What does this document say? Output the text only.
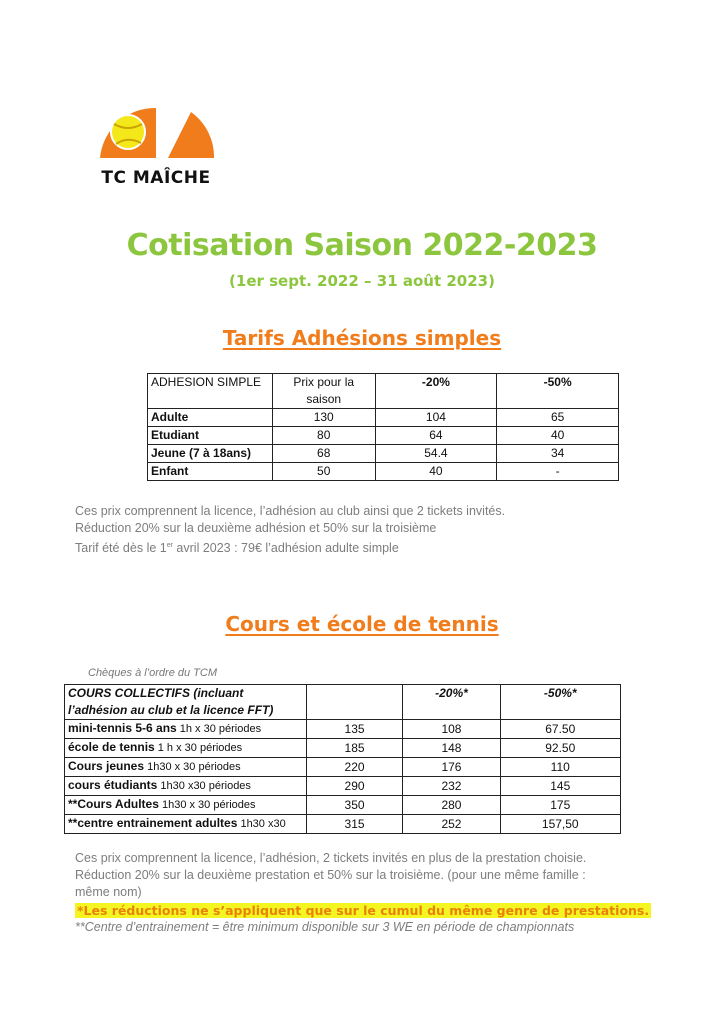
TC MAÎCHE
Cotisation Saison 2022-2023
(1er sept. 2022 – 31 août 2023)
Tarifs Adhésions simples
ADHESION SIMPLE	Prix pour la saison	-20%	-50%
Adulte	130	104	65
Etudiant	80	64	40
Jeune (7 à 18ans)	68	54.4	34
Enfant	50	40	-
Ces prix comprennent la licence, l’adhésion au club ainsi que 2 tickets invités.
Réduction 20% sur la deuxième adhésion et 50% sur la troisième
Tarif été dès le 1er avril 2023 : 79€ l’adhésion adulte simple
Cours et école de tennis
Chèques à l’ordre du TCM
COURS COLLECTIFS (incluant l’adhésion au club et la licence FFT)		-20%*	-50%*
mini-tennis 5-6 ans 1h x 30 périodes	135	108	67.50
école de tennis 1 h x 30 périodes	185	148	92.50
Cours jeunes 1h30 x 30 périodes	220	176	110
cours étudiants 1h30 x30 périodes	290	232	145
**Cours Adultes 1h30 x 30 périodes	350	280	175
**centre entrainement adultes 1h30 x30	315	252	157,50
Ces prix comprennent la licence, l’adhésion, 2 tickets invités en plus de la prestation choisie.
Réduction 20% sur la deuxième prestation et 50% sur la troisième. (pour une même famille :
même nom)
*Les réductions ne s’appliquent que sur le cumul du même genre de prestations.
**Centre d’entrainement = être minimum disponible sur 3 WE en période de championnats
